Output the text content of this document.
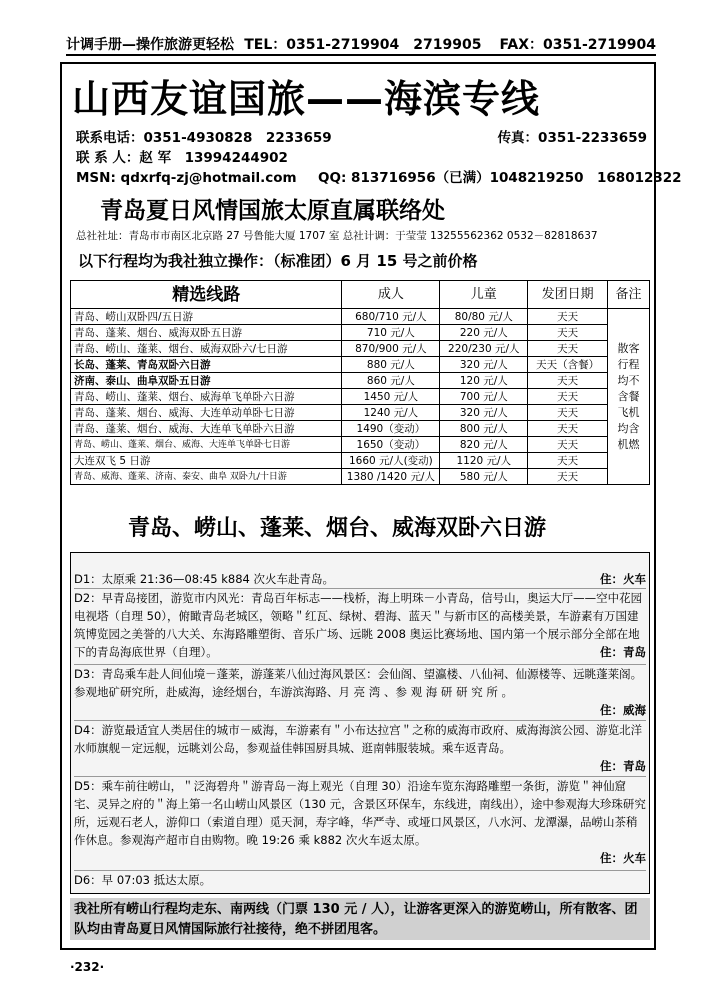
计调手册—操作旅游更轻松 TEL：0351-2719904　2719905 FAX：0351-2719904
山西友谊国旅——海滨专线
联系电话：0351-4930828　2233659	传真：0351-2233659
联 系 人：赵 军　13994244902
MSN: qdxrfq-zj@hotmail.com QQ: 813716956（已满）1048219250　168012322
青岛夏日风情国旅太原直属联络处
总社社址：青岛市市南区北京路 27 号鲁能大厦 1707 室 总社计调：于莹莹 13255562362 0532－82818637
以下行程均为我社独立操作：（标准团）6 月 15 号之前价格
精选线路	成人	儿童	发团日期	备注
青岛、崂山双卧四/五日游	680/710 元/人	80/80 元/人	天天	散客行程均不含餐　飞机均含机燃
青岛、蓬莱、烟台、威海双卧五日游	710 元/人	220 元/人	天天	
青岛、崂山、蓬莱、烟台、威海双卧六/七日游	870/900 元/人	220/230 元/人	天天	
长岛、蓬莱、青岛双卧六日游	880 元/人	320 元/人	天天（含餐）	
济南、泰山、曲阜双卧五日游	860 元/人	120 元/人	天天	
青岛、崂山、蓬莱、烟台、威海单飞单卧六日游	1450 元/人	700 元/人	天天	
青岛、蓬莱、烟台、威海、大连单动单卧七日游	1240 元/人	320 元/人	天天	
青岛、蓬莱、烟台、威海、大连单飞单卧六日游	1490（变动）	800 元/人	天天	
青岛、崂山、蓬莱、烟台、威海、大连单飞单卧七日游	1650（变动）	820 元/人	天天	
大连双飞 5 日游	1660 元/人(变动)	1120 元/人	天天	
青岛、威海、蓬莱、济南、泰安、曲阜 双卧九/十日游	1380 /1420 元/人	580 元/人	天天	
青岛、崂山、蓬莱、烟台、威海双卧六日游
D1：太原乘 21:36—08:45 k884 次火车赴青岛。	住：火车
D2：早青岛接团，游览市内风光：青岛百年标志——栈桥，海上明珠－小青岛，信号山，奥运大厅——空中花园电视塔（自理 50），俯瞰青岛老城区，领略＂红瓦、绿树、碧海、蓝天＂与新市区的高楼美景，车游素有万国建筑博览园之美誉的八大关、东海路雕塑街、音乐广场、远眺 2008 奥运比赛场地、国内第一个展示部分全部在地下的青岛海底世界（自理）。	住：青岛
D3：青岛乘车赴人间仙境－蓬莱，游蓬莱八仙过海风景区：会仙阁、望瀛楼、八仙祠、仙源楼等、远眺蓬莱阁。参观地矿研究所，赴威海，途经烟台，车游滨海路、月 亮 湾 、参 观 海 研 研 究 所 。
住：威海
D4：游览最适宜人类居住的城市－威海，车游素有＂小布达拉宫＂之称的威海市政府、威海海滨公园、游览北洋水师旗舰－定远舰，远眺刘公岛，参观益佳韩国厨具城、逛南韩服装城。乘车返青岛。
住：青岛
D5：乘车前往崂山，＂泛海碧舟＂游青岛－海上观光（自理 30）沿途车览东海路雕塑一条街，游览＂神仙窟宅、灵异之府的＂海上第一名山崂山风景区（130 元，含景区环保车，东线进，南线出），途中参观海大珍珠研究所，远观石老人，游仰口（索道自理）觅天洞，寿字峰，华严寺、或垭口风景区，八水河、龙潭瀑，品崂山茶稍作休息。参观海产超市自由购物。晚 19:26 乘 k882 次火车返太原。
住：火车
D6：早 07:03 抵达太原。
我社所有崂山行程均走东、南两线（门票 130 元 / 人），让游客更深入的游览崂山，所有散客、团队均由青岛夏日风情国际旅行社接待，绝不拼团甩客。
·232·
